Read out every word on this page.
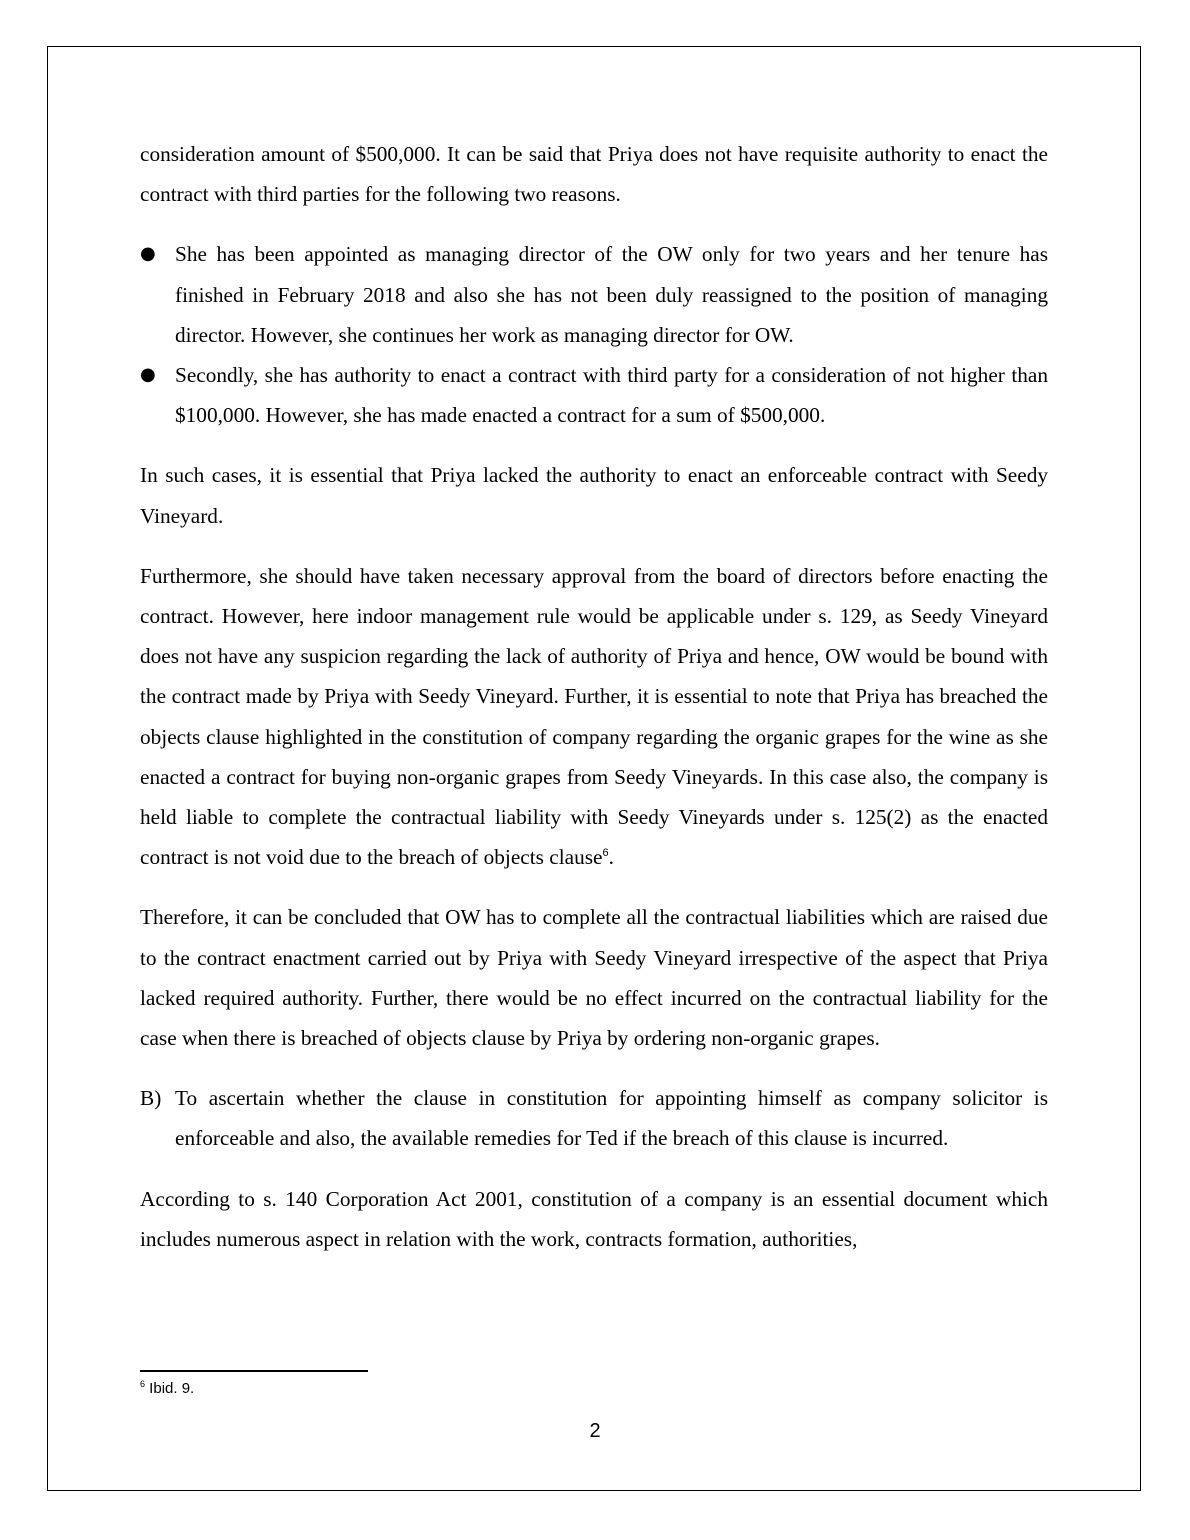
consideration amount of $500,000. It can be said that Priya does not have requisite authority to enact the contract with third parties for the following two reasons.

● She has been appointed as managing director of the OW only for two years and her tenure has finished in February 2018 and also she has not been duly reassigned to the position of managing director. However, she continues her work as managing director for OW.
● Secondly, she has authority to enact a contract with third party for a consideration of not higher than $100,000. However, she has made enacted a contract for a sum of $500,000.

In such cases, it is essential that Priya lacked the authority to enact an enforceable contract with Seedy Vineyard.

Furthermore, she should have taken necessary approval from the board of directors before enacting the contract. However, here indoor management rule would be applicable under s. 129, as Seedy Vineyard does not have any suspicion regarding the lack of authority of Priya and hence, OW would be bound with the contract made by Priya with Seedy Vineyard. Further, it is essential to note that Priya has breached the objects clause highlighted in the constitution of company regarding the organic grapes for the wine as she enacted a contract for buying non-organic grapes from Seedy Vineyards. In this case also, the company is held liable to complete the contractual liability with Seedy Vineyards under s. 125(2) as the enacted contract is not void due to the breach of objects clause$^6$.

Therefore, it can be concluded that OW has to complete all the contractual liabilities which are raised due to the contract enactment carried out by Priya with Seedy Vineyard irrespective of the aspect that Priya lacked required authority. Further, there would be no effect incurred on the contractual liability for the case when there is breached of objects clause by Priya by ordering non-organic grapes.

B) To ascertain whether the clause in constitution for appointing himself as company solicitor is enforceable and also, the available remedies for Ted if the breach of this clause is incurred.

According to s. 140 Corporation Act 2001, constitution of a company is an essential document which includes numerous aspect in relation with the work, contracts formation, authorities,

$^6$ Ibid. 9.
2
